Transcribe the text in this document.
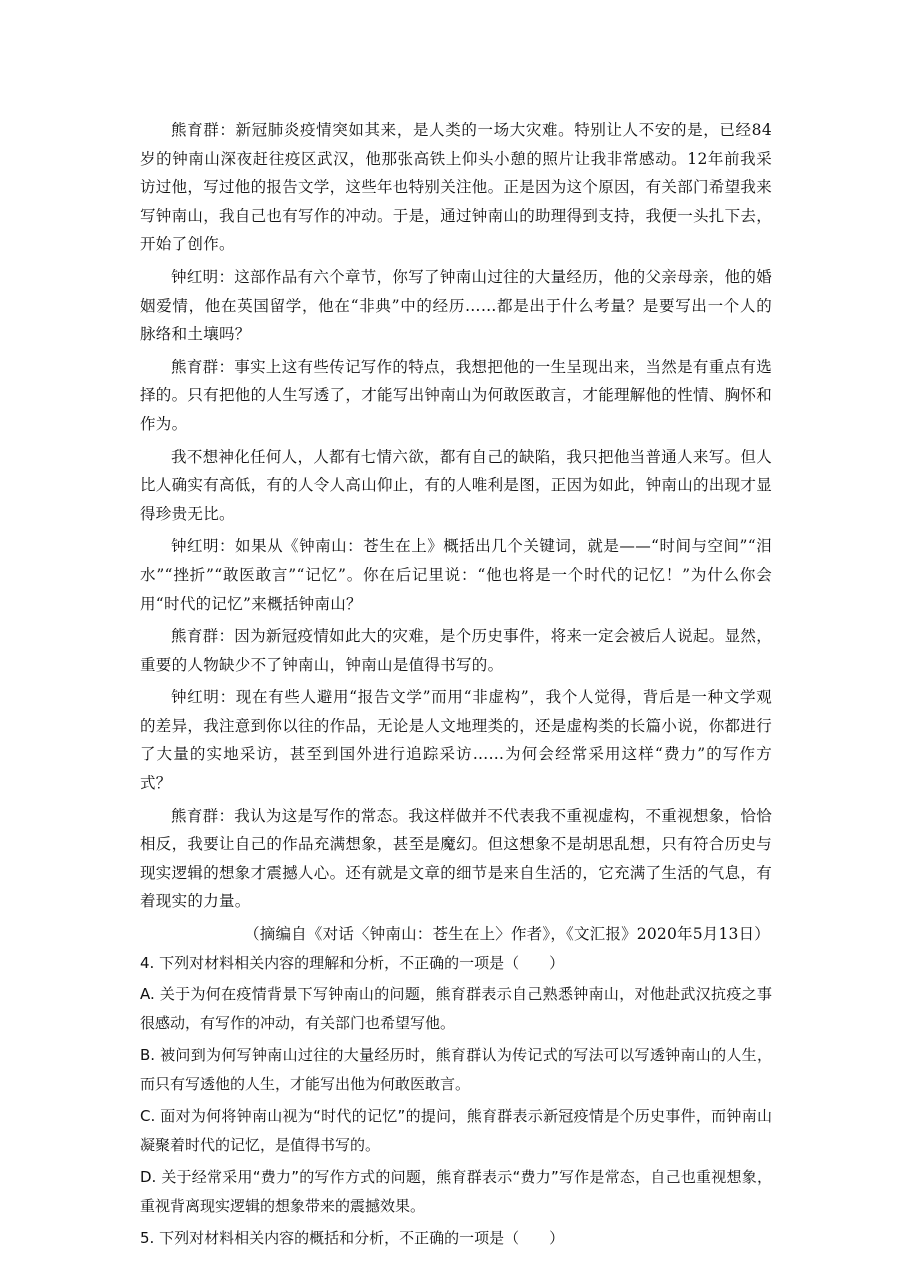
熊育群：新冠肺炎疫情突如其来，是人类的一场大灾难。特别让人不安的是，已经84岁的钟南山深夜赶往疫区武汉，他那张高铁上仰头小憩的照片让我非常感动。12年前我采访过他，写过他的报告文学，这些年也特别关注他。正是因为这个原因，有关部门希望我来写钟南山，我自己也有写作的冲动。于是，通过钟南山的助理得到支持，我便一头扎下去，开始了创作。

钟红明：这部作品有六个章节，你写了钟南山过往的大量经历，他的父亲母亲，他的婚姻爱情，他在英国留学，他在“非典”中的经历……都是出于什么考量？是要写出一个人的脉络和土壤吗？

熊育群：事实上这有些传记写作的特点，我想把他的一生呈现出来，当然是有重点有选择的。只有把他的人生写透了，才能写出钟南山为何敢医敢言，才能理解他的性情、胸怀和作为。

我不想神化任何人，人都有七情六欲，都有自己的缺陷，我只把他当普通人来写。但人比人确实有高低，有的人令人高山仰止，有的人唯利是图，正因为如此，钟南山的出现才显得珍贵无比。

钟红明：如果从《钟南山：苍生在上》概括出几个关键词，就是——“时间与空间”“泪水”“挫折”“敢医敢言”“记忆”。你在后记里说：“他也将是一个时代的记忆！”为什么你会用“时代的记忆”来概括钟南山？

熊育群：因为新冠疫情如此大的灾难，是个历史事件，将来一定会被后人说起。显然，重要的人物缺少不了钟南山，钟南山是值得书写的。

钟红明：现在有些人避用“报告文学”而用“非虚构”，我个人觉得，背后是一种文学观的差异，我注意到你以往的作品，无论是人文地理类的，还是虚构类的长篇小说，你都进行了大量的实地采访，甚至到国外进行追踪采访……为何会经常采用这样“费力”的写作方式？

熊育群：我认为这是写作的常态。我这样做并不代表我不重视虚构，不重视想象，恰恰相反，我要让自己的作品充满想象，甚至是魔幻。但这想象不是胡思乱想，只有符合历史与现实逻辑的想象才震撼人心。还有就是文章的细节是来自生活的，它充满了生活的气息，有着现实的力量。

（摘编自《对话〈钟南山：苍生在上〉作者》，《文汇报》2020年5月13日）

4. 下列对材料相关内容的理解和分析，不正确的一项是（　　）

A. 关于为何在疫情背景下写钟南山的问题，熊育群表示自己熟悉钟南山，对他赴武汉抗疫之事很感动，有写作的冲动，有关部门也希望写他。

B. 被问到为何写钟南山过往的大量经历时，熊育群认为传记式的写法可以写透钟南山的人生，而只有写透他的人生，才能写出他为何敢医敢言。

C. 面对为何将钟南山视为“时代的记忆”的提问，熊育群表示新冠疫情是个历史事件，而钟南山凝聚着时代的记忆，是值得书写的。

D. 关于经常采用“费力”的写作方式的问题，熊育群表示“费力”写作是常态，自己也重视想象，重视背离现实逻辑的想象带来的震撼效果。

5. 下列对材料相关内容的概括和分析，不正确的一项是（　　）
